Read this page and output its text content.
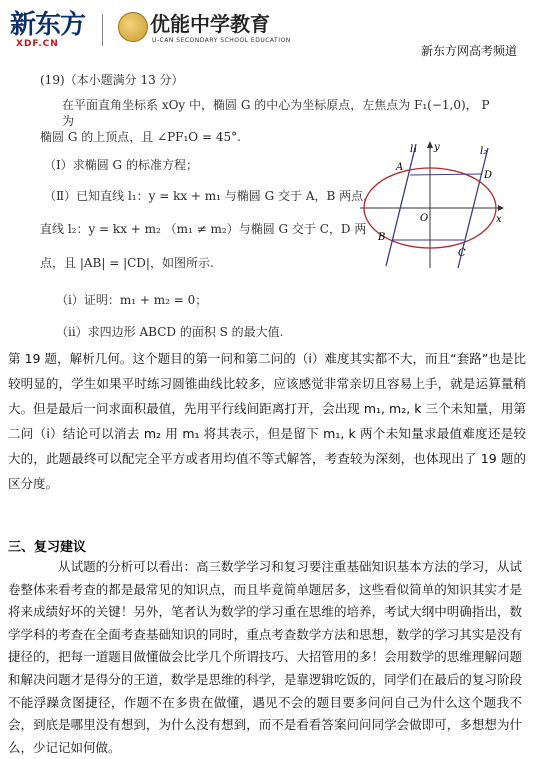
新东方
XDF.CN
优能中学教育
U-CAN SECONDARY SCHOOL EDUCATION
新东方网高考频道
(19)（本小题满分 13 分）
在平面直角坐标系 xOy 中，椭圆 G 的中心为坐标原点，左焦点为 F₁(−1,0)， P 为
椭圆 G 的上顶点，且 ∠PF₁O = 45°.
（Ⅰ）求椭圆 G 的标准方程；
（Ⅱ）已知直线 l₁：y = kx + m₁ 与椭圆 G 交于 A，B 两点，
直线 l₂：y = kx + m₂ （m₁ ≠ m₂）与椭圆 G 交于 C，D 两
点，且 |AB| = |CD|，如图所示.
（ⅰ）证明：m₁ + m₂ = 0；
（ⅱ）求四边形 ABCD 的面积 S 的最大值.
y
x
O
A
B
C
D
l₁	l₂
第 19 题，解析几何。这个题目的第一问和第二问的（i）难度其实都不大，而且“套路”也是比较明显的，学生如果平时练习圆锥曲线比较多，应该感觉非常亲切且容易上手，就是运算量稍大。但是最后一问求面积最值，先用平行线间距离打开，会出现 m₁, m₂, k 三个未知量，用第二问（i）结论可以消去 m₂ 用 m₁ 将其表示，但是留下 m₁, k 两个未知量求最值难度还是较大的，此题最终可以配完全平方或者用均值不等式解答，考查较为深刻，也体现出了 19 题的区分度。
三、复习建议
从试题的分析可以看出：高三数学学习和复习要注重基础知识基本方法的学习，从试卷整体来看考查的都是最常见的知识点，而且毕竟简单题居多，这些看似简单的知识其实才是将来成绩好坏的关键！另外，笔者认为数学的学习重在思维的培养，考试大纲中明确指出，数学学科的考查在全面考查基础知识的同时，重点考查数学方法和思想，数学的学习其实是没有捷径的，把每一道题目做懂做会比学几个所谓技巧、大招管用的多！会用数学的思维理解问题和解决问题才是得分的王道，数学是思维的科学，是靠逻辑吃饭的，同学们在最后的复习阶段不能浮躁贪图捷径，作题不在多贵在做懂，遇见不会的题目要多问问自己为什么这个题我不会，到底是哪里没有想到，为什么没有想到，而不是看看答案问问同学会做即可，多想想为什么，少记记如何做。
